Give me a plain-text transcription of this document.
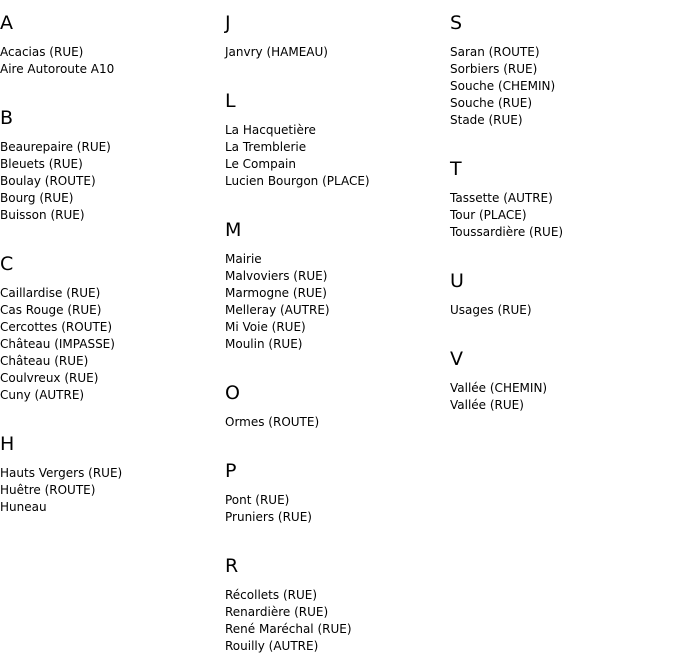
A
Acacias (RUE)
Aire Autoroute A10
B
Beaurepaire (RUE)
Bleuets (RUE)
Boulay (ROUTE)
Bourg (RUE)
Buisson (RUE)
C
Caillardise (RUE)
Cas Rouge (RUE)
Cercottes (ROUTE)
Château (IMPASSE)
Château (RUE)
Coulvreux (RUE)
Cuny (AUTRE)
H
Hauts Vergers (RUE)
Huêtre (ROUTE)
Huneau
J
Janvry (HAMEAU)
L
La Hacquetière
La Tremblerie
Le Compain
Lucien Bourgon (PLACE)
M
Mairie
Malvoviers (RUE)
Marmogne (RUE)
Melleray (AUTRE)
Mi Voie (RUE)
Moulin (RUE)
O
Ormes (ROUTE)
P
Pont (RUE)
Pruniers (RUE)
R
Récollets (RUE)
Renardière (RUE)
René Maréchal (RUE)
Rouilly (AUTRE)
S
Saran (ROUTE)
Sorbiers (RUE)
Souche (CHEMIN)
Souche (RUE)
Stade (RUE)
T
Tassette (AUTRE)
Tour (PLACE)
Toussardière (RUE)
U
Usages (RUE)
V
Vallée (CHEMIN)
Vallée (RUE)
